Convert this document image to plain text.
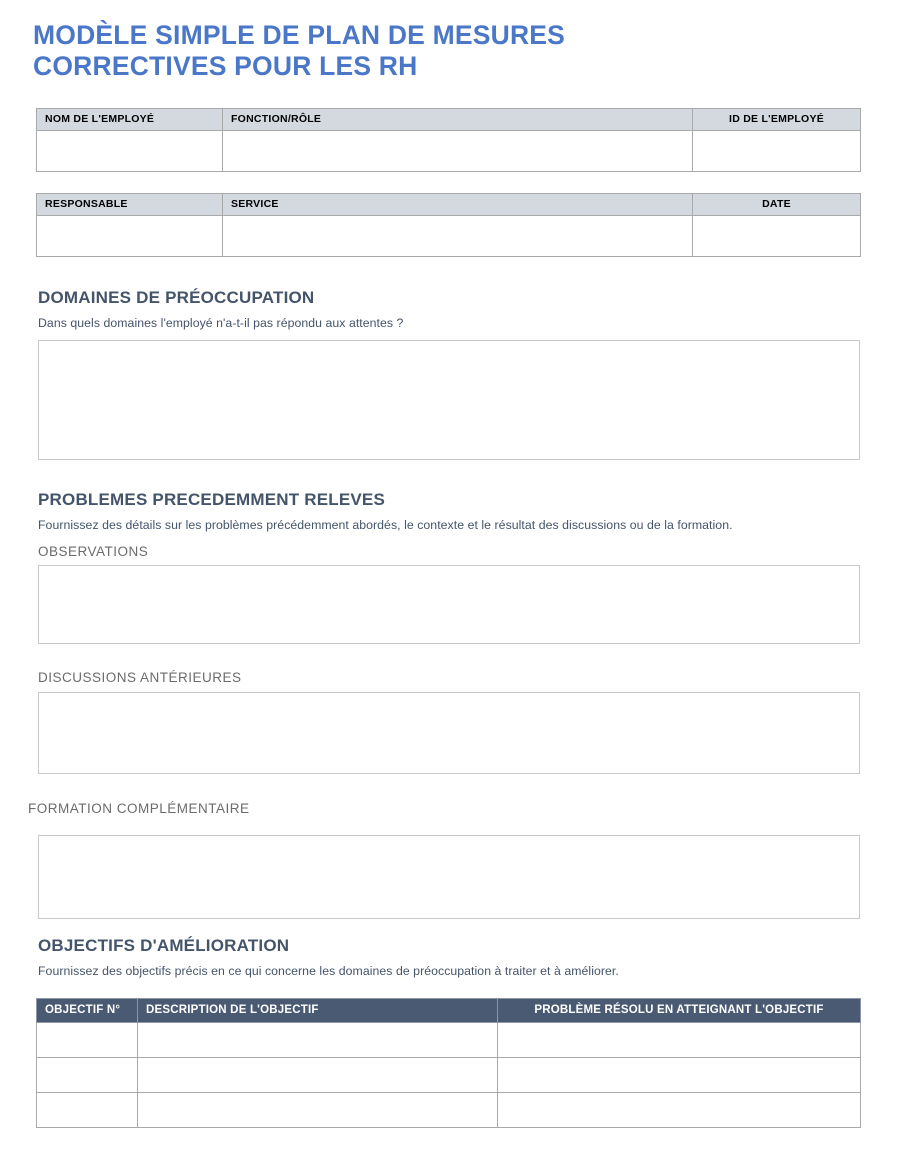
MODÈLE SIMPLE DE PLAN DE MESURES
CORRECTIVES POUR LES RH
NOM DE L'EMPLOYÉ	FONCTION/RÔLE	ID DE L'EMPLOYÉ

RESPONSABLE	SERVICE	DATE

DOMAINES DE PRÉOCCUPATION
Dans quels domaines l'employé n'a-t-il pas répondu aux attentes ?
PROBLEMES PRECEDEMMENT RELEVES
Fournissez des détails sur les problèmes précédemment abordés, le contexte et le résultat des discussions ou de la formation.
OBSERVATIONS
DISCUSSIONS ANTÉRIEURES
FORMATION COMPLÉMENTAIRE
OBJECTIFS D'AMÉLIORATION
Fournissez des objectifs précis en ce qui concerne les domaines de préoccupation à traiter et à améliorer.
OBJECTIF N°	DESCRIPTION DE L'OBJECTIF	PROBLÈME RÉSOLU EN ATTEIGNANT L'OBJECTIF
